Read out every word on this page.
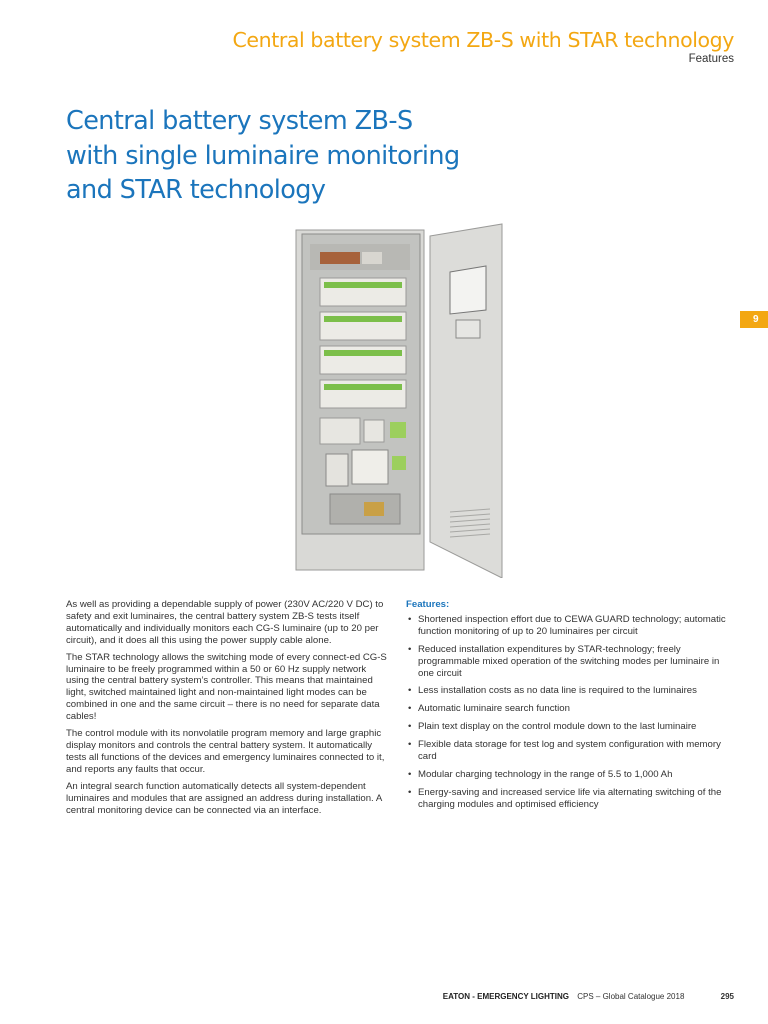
Central battery system ZB-S with STAR technology
Features
Central battery system ZB-S
with single luminaire monitoring
and STAR technology
9

As well as providing a dependable supply of power (230V AC/220 V DC) to safety and exit luminaires, the central battery system ZB-S tests itself automatically and individually monitors each CG-S luminaire (up to 20 per circuit), and it does all this using the power supply cable alone.

The STAR technology allows the switching mode of every connect-ed CG-S luminaire to be freely programmed within a 50 or 60 Hz supply network using the central battery system’s controller. This means that maintained light, switched maintained light and non-maintained light modes can be combined in one and the same circuit – there is no need for separate data cables!

The control module with its nonvolatile program memory and large graphic display monitors and controls the central battery system. It automatically tests all functions of the devices and emergency luminaires connected to it, and reports any faults that occur.

An integral search function automatically detects all system-dependent luminaires and modules that are assigned an address during installation. A central monitoring device can be connected via an interface.

Features:
• Shortened inspection effort due to CEWA GUARD technology; automatic function monitoring of up to 20 luminaires per circuit
• Reduced installation expenditures by STAR-technology; freely programmable mixed operation of the switching modes per luminaire in one circuit
• Less installation costs as no data line is required to the luminaires
• Automatic luminaire search function
• Plain text display on the control module down to the last luminaire
• Flexible data storage for test log and system configuration with memory card
• Modular charging technology in the range of 5.5 to 1,000 Ah
• Energy-saving and increased service life via alternating switching of the charging modules and optimised efficiency
EATON - EMERGENCY LIGHTING CPS – Global Catalogue 2018	295
